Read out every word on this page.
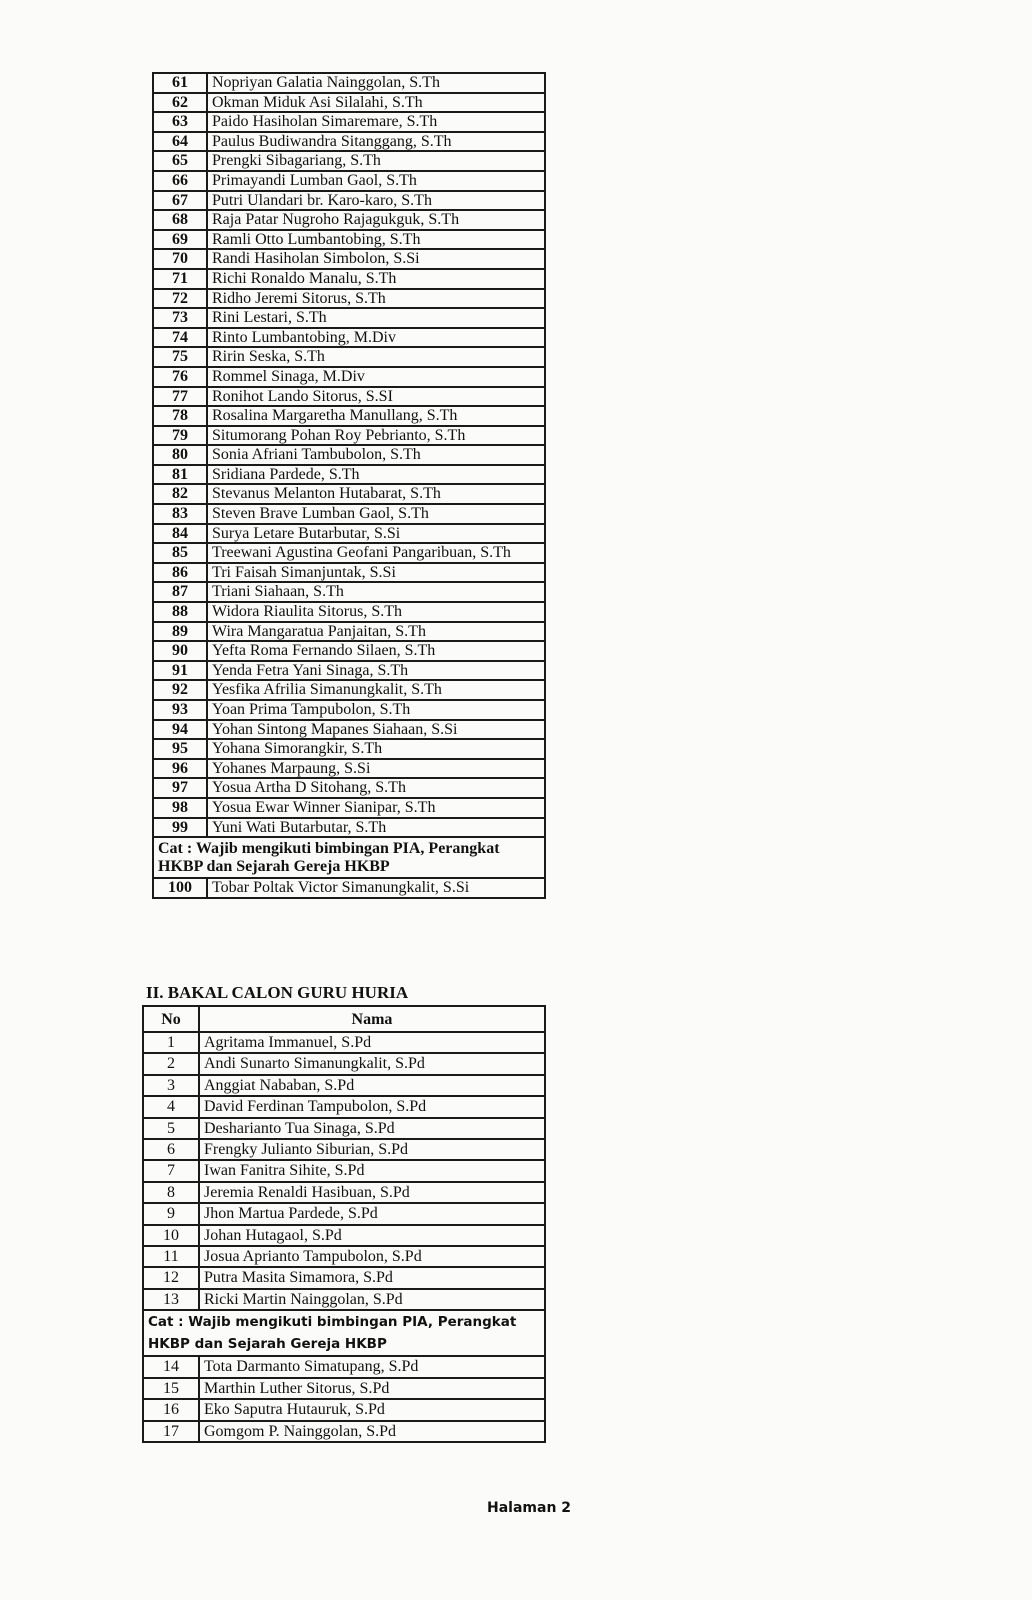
61	Nopriyan Galatia Nainggolan, S.Th
62	Okman Miduk Asi Silalahi, S.Th
63	Paido Hasiholan Simaremare, S.Th
64	Paulus Budiwandra Sitanggang, S.Th
65	Prengki Sibagariang, S.Th
66	Primayandi Lumban Gaol, S.Th
67	Putri Ulandari br. Karo-karo, S.Th
68	Raja Patar Nugroho Rajagukguk, S.Th
69	Ramli Otto Lumbantobing, S.Th
70	Randi Hasiholan Simbolon, S.Si
71	Richi Ronaldo Manalu, S.Th
72	Ridho Jeremi Sitorus, S.Th
73	Rini Lestari, S.Th
74	Rinto Lumbantobing, M.Div
75	Ririn Seska, S.Th
76	Rommel Sinaga, M.Div
77	Ronihot Lando Sitorus, S.SI
78	Rosalina Margaretha Manullang, S.Th
79	Situmorang Pohan Roy Pebrianto, S.Th
80	Sonia Afriani Tambubolon, S.Th
81	Sridiana Pardede, S.Th
82	Stevanus Melanton Hutabarat, S.Th
83	Steven Brave Lumban Gaol, S.Th
84	Surya Letare Butarbutar, S.Si
85	Treewani Agustina Geofani Pangaribuan, S.Th
86	Tri Faisah Simanjuntak, S.Si
87	Triani Siahaan, S.Th
88	Widora Riaulita Sitorus, S.Th
89	Wira Mangaratua Panjaitan, S.Th
90	Yefta Roma Fernando Silaen, S.Th
91	Yenda Fetra Yani Sinaga, S.Th
92	Yesfika Afrilia Simanungkalit, S.Th
93	Yoan Prima Tampubolon, S.Th
94	Yohan Sintong Mapanes Siahaan, S.Si
95	Yohana Simorangkir, S.Th
96	Yohanes Marpaung, S.Si
97	Yosua Artha D Sitohang, S.Th
98	Yosua Ewar Winner Sianipar, S.Th
99	Yuni Wati Butarbutar, S.Th
Cat : Wajib mengikuti bimbingan PIA, Perangkat HKBP dan Sejarah Gereja HKBP	
100	Tobar Poltak Victor Simanungkalit, S.Si
II. BAKAL CALON GURU HURIA
No	Nama
1	Agritama Immanuel, S.Pd
2	Andi Sunarto Simanungkalit, S.Pd
3	Anggiat Nababan, S.Pd
4	David Ferdinan Tampubolon, S.Pd
5	Desharianto Tua Sinaga, S.Pd
6	Frengky Julianto Siburian, S.Pd
7	Iwan Fanitra Sihite, S.Pd
8	Jeremia Renaldi Hasibuan, S.Pd
9	Jhon Martua Pardede, S.Pd
10	Johan Hutagaol, S.Pd
11	Josua Aprianto Tampubolon, S.Pd
12	Putra Masita Simamora, S.Pd
13	Ricki Martin Nainggolan, S.Pd
Cat : Wajib mengikuti bimbingan PIA, Perangkat HKBP dan Sejarah Gereja HKBP	
14	Tota Darmanto Simatupang, S.Pd
15	Marthin Luther Sitorus, S.Pd
16	Eko Saputra Hutauruk, S.Pd
17	Gomgom P. Nainggolan, S.Pd
Halaman 2
